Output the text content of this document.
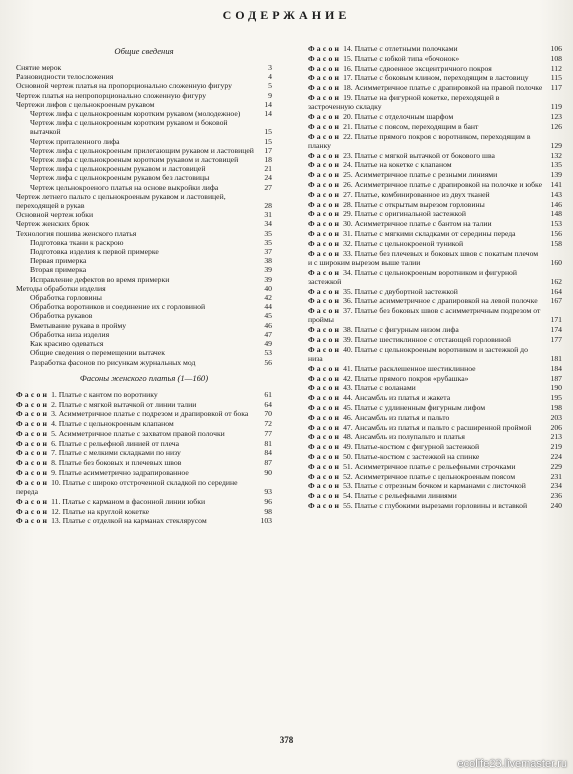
СОДЕРЖАНИЕ
Общие сведения
Снятие мерок	3
Разновидности телосложения	4
Основной чертеж платья на пропорционально сложенную фигуру	5
Чертеж платья на непропорционально сложенную фигуру	9
Чертежи лифов с цельнокроеным рукавом	14
Чертеж лифа с цельнокроеным коротким рукавом (молодежное)	14
Чертеж лифа с цельнокроеным коротким рукавом и боковой вытачкой	15
Чертеж приталенного лифа	15
Чертеж лифа с цельнокроеным прилегающим рукавом и ластовицей 17
Чертеж лифа с цельнокроеным коротким рукавом и ластовицей	18
Чертеж лифа с цельнокроеным рукавом и ластовицей	21
Чертеж лифа с цельнокроеным рукавом без ластовицы	24
Чертеж цельнокроеного платья на основе выкройки лифа	27
Чертеж летнего пальто с цельнокроеным рукавом и ластовицей, переходящей в рукав	28
Основной чертеж юбки	31
Чертеж женских брюк	34
Технология пошива женского платья	35
Подготовка ткани к раскрою	35
Подготовка изделия к первой примерке	37
Первая примерка	38
Вторая примерка	39
Исправление дефектов во время примерки	39
Методы обработки изделия	40
Обработка горловины	42
Обработка воротников и соединение их с горловиной	44
Обработка рукавов	45
Вметывание рукава в пройму	46
Обработка низа изделия	47
Как красиво одеваться	49
Общие сведения о перемещении вытачек	53
Разработка фасонов по рисункам журнальных мод	56
Фасоны женского платья (1—160)
Фасон 1. Платье с кантом по воротнику	61
Фасон 2. Платье с мягкой вытачкой от линии талии	64
Фасон 3. Асимметричное платье с подрезом и драпировкой от бока 70
Фасон 4. Платье с цельнокроеным клапаном	72
Фасон 5. Асимметричное платье с захватом правой полочки	77
Фасон 6. Платье с рельефной линией от плеча	81
Фасон 7. Платье с мелкими складками по низу	84
Фасон 8. Платье без боковых и плечевых швов	87
Фасон 9. Платье асимметрично задрапированное	90
Фасон 10. Платье с широко отстроченной складкой по середине переда	93
Фасон 11. Платье с карманом в фасонной линии юбки	96
Фасон 12. Платье на круглой кокетке	98
Фасон 13. Платье с отделкой на карманах стеклярусом	103
Фасон 14. Платье с отлетными полочками	106
Фасон 15. Платье с юбкой типа «бочонок»	108
Фасон 16. Платье сдвоенное эксцентричного покроя	112
Фасон 17. Платье с боковым клином, переходящим в ластовицу	115
Фасон 18. Асимметричное платье с драпировкой на правой полочке 117
Фасон 19. Платье на фигурной кокетке, переходящей в застроченную складку	119
Фасон 20. Платье с отделочным шарфом	123
Фасон 21. Платье с поясом, переходящим в бант	126
Фасон 22. Платье прямого покроя с воротником, переходящим в планку	129
Фасон 23. Платье с мягкой вытачкой от бокового шва	132
Фасон 24. Платье на кокетке с клапаном	135
Фасон 25. Асимметричное платье с резными линиями	139
Фасон 26. Асимметричное платье с драпировкой на полочке и юбке 141
Фасон 27. Платье, комбинированное из двух тканей	143
Фасон 28. Платье с открытым вырезом горловины	146
Фасон 29. Платье с оригинальной застежкой	148
Фасон 30. Асимметричное платье с бантом на талии	153
Фасон 31. Платье с мягкими складками от середины переда	156
Фасон 32. Платье с цельнокроеной туникой	158
Фасон 33. Платье без плечевых и боковых швов с покатым плечом и с широким вырезом выше талии	160
Фасон 34. Платье с цельнокроеным воротником и фигурной застежкой	162
Фасон 35. Платье с двубортной застежкой	164
Фасон 36. Платье асимметричное с драпировкой на левой полочке 167
Фасон 37. Платье без боковых швов с асимметричным подрезом от проймы	171
Фасон 38. Платье с фигурным низом лифа	174
Фасон 39. Платье шестиклинное с отстающей горловиной	177
Фасон 40. Платье с цельнокроеным воротником и застежкой до низа	181
Фасон 41. Платье расклешенное шестиклинное	184
Фасон 42. Платье прямого покроя «рубашка»	187
Фасон 43. Платье с воланами	190
Фасон 44. Ансамбль из платья и жакета	195
Фасон 45. Платье с удлиненным фигурным лифом	198
Фасон 46. Ансамбль из платья и пальто	203
Фасон 47. Ансамбль из платья и пальто с расширенной проймой 206
Фасон 48. Ансамбль из полупальто и платья	213
Фасон 49. Платье-костюм с фигурной застежкой	219
Фасон 50. Платье-костюм с застежкой на спинке	224
Фасон 51. Асимметричное платье с рельефными строчками	229
Фасон 52. Асимметричное платье с цельнокроеным поясом	231
Фасон 53. Платье с отрезным бочком и карманами с листочкой	234
Фасон 54. Платье с рельефными линиями	236
Фасон 55. Платье с глубокими вырезами горловины и вставкой	240
378
ecolife23.livemaster.ru
